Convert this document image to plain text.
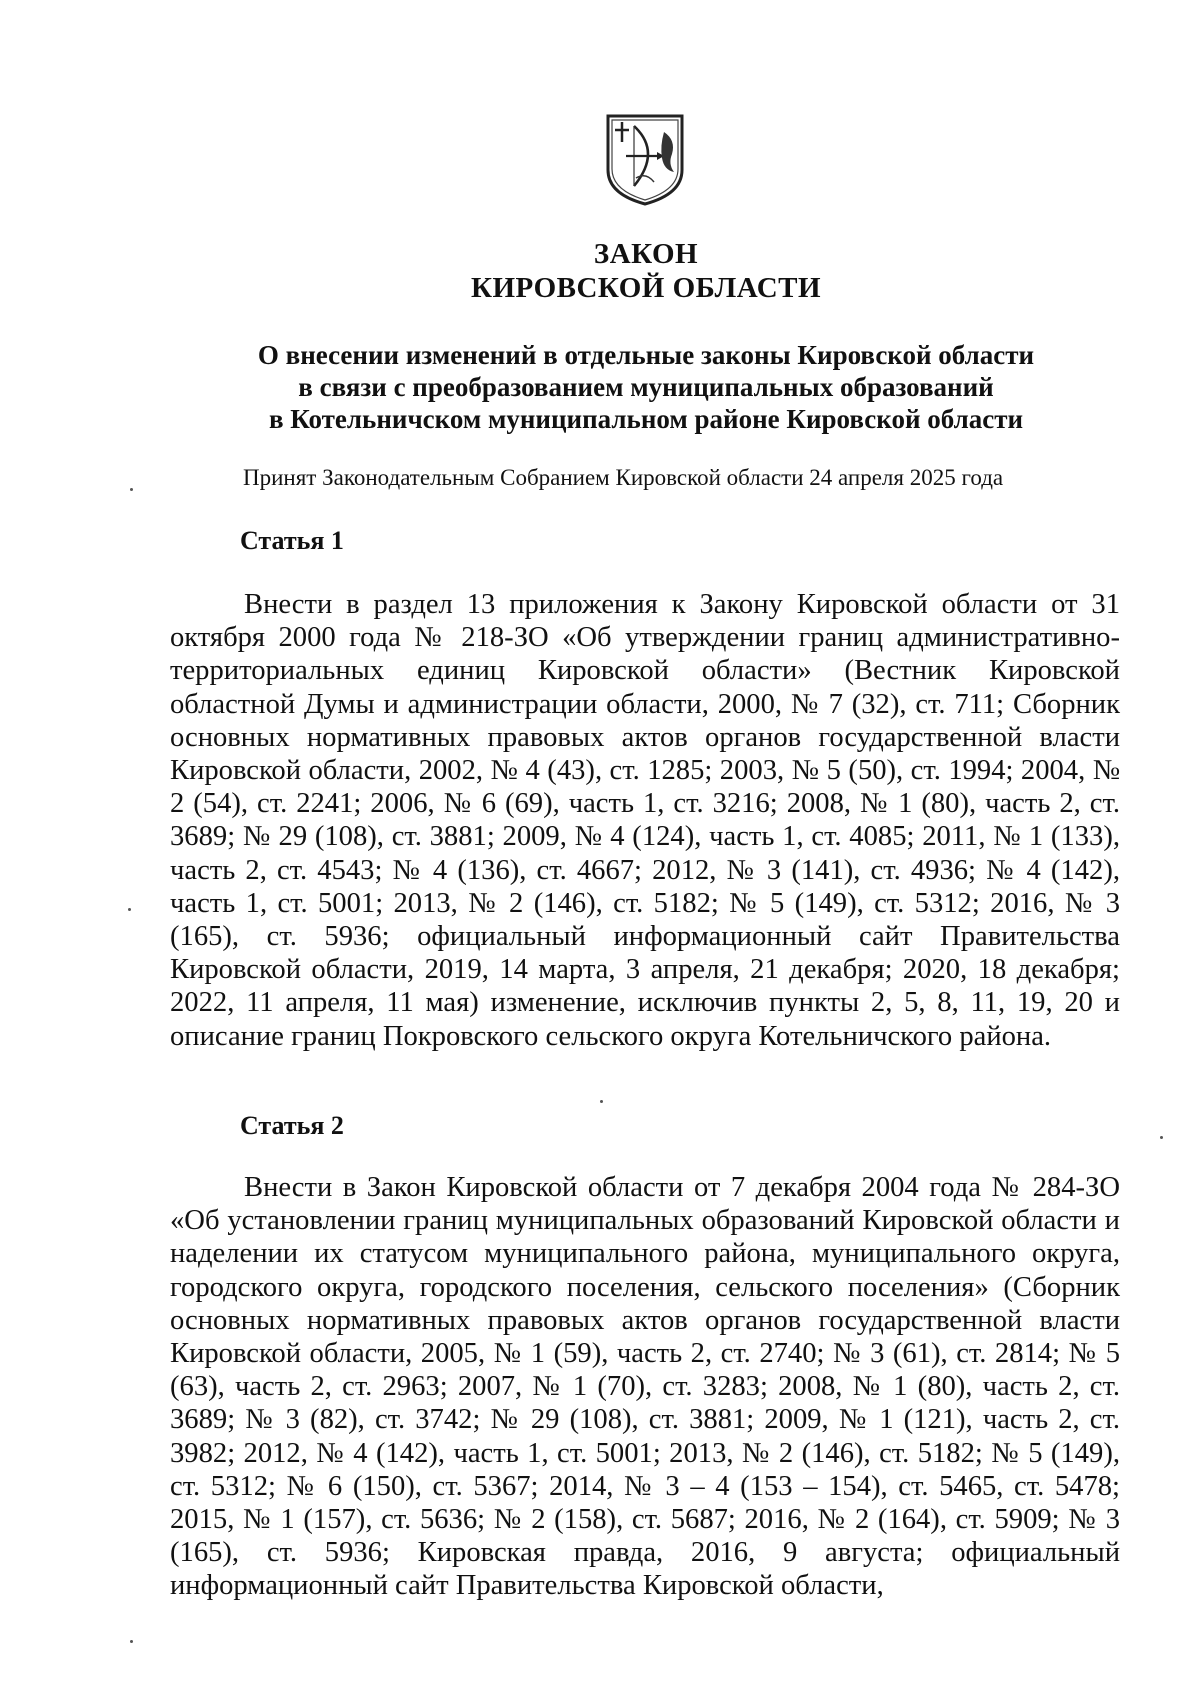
ЗАКОН
КИРОВСКОЙ ОБЛАСТИ
О внесении изменений в отдельные законы Кировской области
в связи с преобразованием муниципальных образований
в Котельничском муниципальном районе Кировской области
Принят Законодательным Собранием Кировской области 24 апреля 2025 года
Статья 1
Внести в раздел 13 приложения к Закону Кировской области от 31 октября 2000 года № 218-ЗО «Об утверждении границ административно-территориальных единиц Кировской области» (Вестник Кировской областной Думы и администрации области, 2000, № 7 (32), ст. 711; Сборник основных нормативных правовых актов органов государственной власти Кировской области, 2002, № 4 (43), ст. 1285; 2003, № 5 (50), ст. 1994; 2004, № 2 (54), ст. 2241; 2006, № 6 (69), часть 1, ст. 3216; 2008, № 1 (80), часть 2, ст. 3689; № 29 (108), ст. 3881; 2009, № 4 (124), часть 1, ст. 4085; 2011, № 1 (133), часть 2, ст. 4543; № 4 (136), ст. 4667; 2012, № 3 (141), ст. 4936; № 4 (142), часть 1, ст. 5001; 2013, № 2 (146), ст. 5182; № 5 (149), ст. 5312; 2016, № 3 (165), ст. 5936; официальный информационный сайт Правительства Кировской области, 2019, 14 марта, 3 апреля, 21 декабря; 2020, 18 декабря; 2022, 11 апреля, 11 мая) изменение, исключив пункты 2, 5, 8, 11, 19, 20 и описание границ Покровского сельского округа Котельничского района.
Статья 2
Внести в Закон Кировской области от 7 декабря 2004 года № 284-ЗО «Об установлении границ муниципальных образований Кировской области и наделении их статусом муниципального района, муниципального округа, городского округа, городского поселения, сельского поселения» (Сборник основных нормативных правовых актов органов государственной власти Кировской области, 2005, № 1 (59), часть 2, ст. 2740; № 3 (61), ст. 2814; № 5 (63), часть 2, ст. 2963; 2007, № 1 (70), ст. 3283; 2008, № 1 (80), часть 2, ст. 3689; № 3 (82), ст. 3742; № 29 (108), ст. 3881; 2009, № 1 (121), часть 2, ст. 3982; 2012, № 4 (142), часть 1, ст. 5001; 2013, № 2 (146), ст. 5182; № 5 (149), ст. 5312; № 6 (150), ст. 5367; 2014, № 3 – 4 (153 – 154), ст. 5465, ст. 5478; 2015, № 1 (157), ст. 5636; № 2 (158), ст. 5687; 2016, № 2 (164), ст. 5909; № 3 (165), ст. 5936; Кировская правда, 2016, 9 августа; официальный информационный сайт Правительства Кировской области,
